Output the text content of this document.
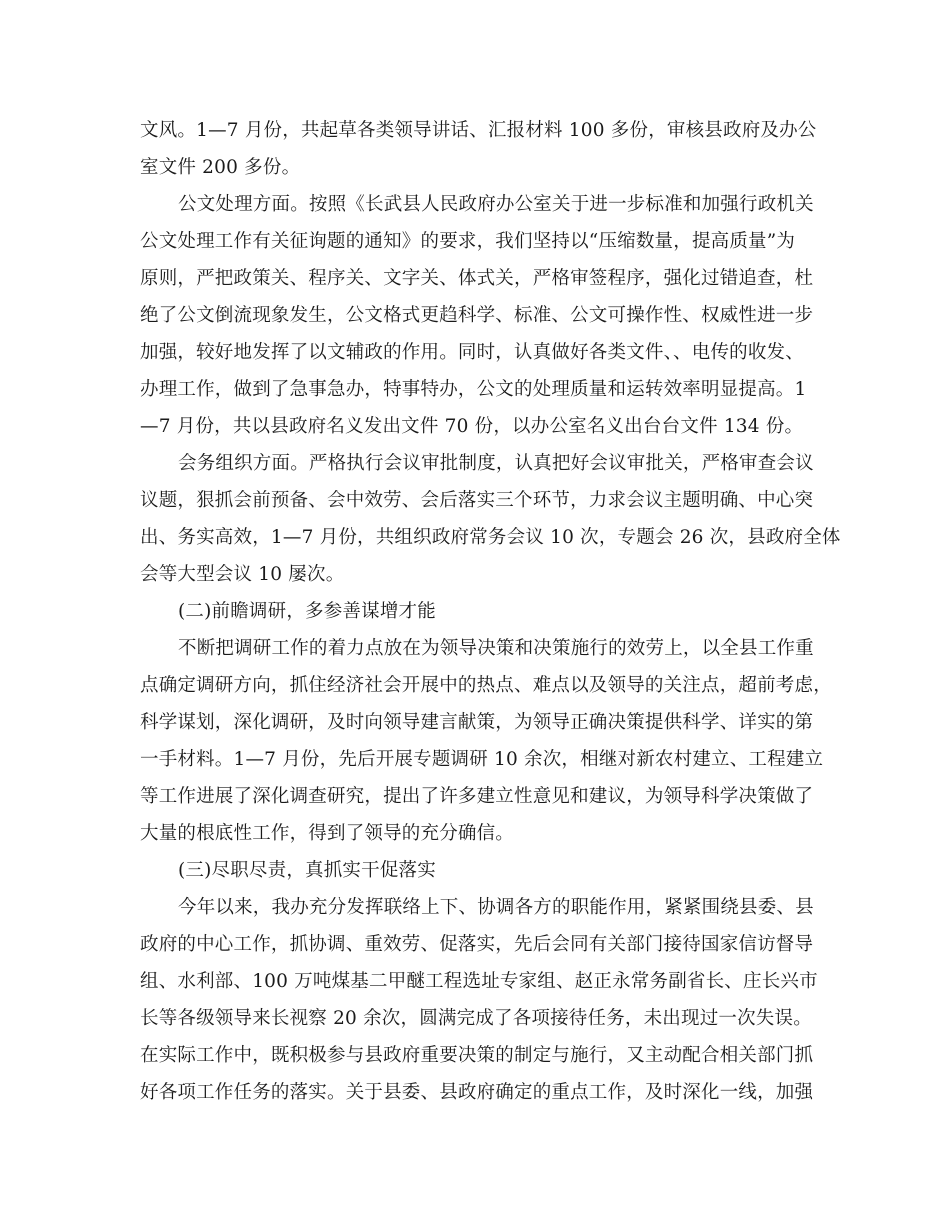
文风。1—7 月份，共起草各类领导讲话、汇报材料 100 多份，审核县政府及办公
室文件 200 多份。
公文处理方面。按照《长武县人民政府办公室关于进一步标准和加强行政机关
公文处理工作有关征询题的通知》的要求，我们坚持以“压缩数量，提高质量”为
原则，严把政策关、程序关、文字关、体式关，严格审签程序，强化过错追查，杜
绝了公文倒流现象发生，公文格式更趋科学、标准、公文可操作性、权威性进一步
加强，较好地发挥了以文辅政的作用。同时，认真做好各类文件、、电传的收发、
办理工作，做到了急事急办，特事特办，公文的处理质量和运转效率明显提高。1
—7 月份，共以县政府名义发出文件 70 份，以办公室名义出台台文件 134 份。
会务组织方面。严格执行会议审批制度，认真把好会议审批关，严格审查会议
议题，狠抓会前预备、会中效劳、会后落实三个环节，力求会议主题明确、中心突
出、务实高效，1—7 月份，共组织政府常务会议 10 次，专题会 26 次，县政府全体
会等大型会议 10 屡次。
(二)前瞻调研，多参善谋增才能
不断把调研工作的着力点放在为领导决策和决策施行的效劳上，以全县工作重
点确定调研方向，抓住经济社会开展中的热点、难点以及领导的关注点，超前考虑，
科学谋划，深化调研，及时向领导建言献策，为领导正确决策提供科学、详实的第
一手材料。1—7 月份，先后开展专题调研 10 余次，相继对新农村建立、工程建立
等工作进展了深化调查研究，提出了许多建立性意见和建议，为领导科学决策做了
大量的根底性工作，得到了领导的充分确信。
(三)尽职尽责，真抓实干促落实
今年以来，我办充分发挥联络上下、协调各方的职能作用，紧紧围绕县委、县
政府的中心工作，抓协调、重效劳、促落实，先后会同有关部门接待国家信访督导
组、水利部、100 万吨煤基二甲醚工程选址专家组、赵正永常务副省长、庄长兴市
长等各级领导来长视察 20 余次，圆满完成了各项接待任务，未出现过一次失误。
在实际工作中，既积极参与县政府重要决策的制定与施行，又主动配合相关部门抓
好各项工作任务的落实。关于县委、县政府确定的重点工作，及时深化一线，加强
